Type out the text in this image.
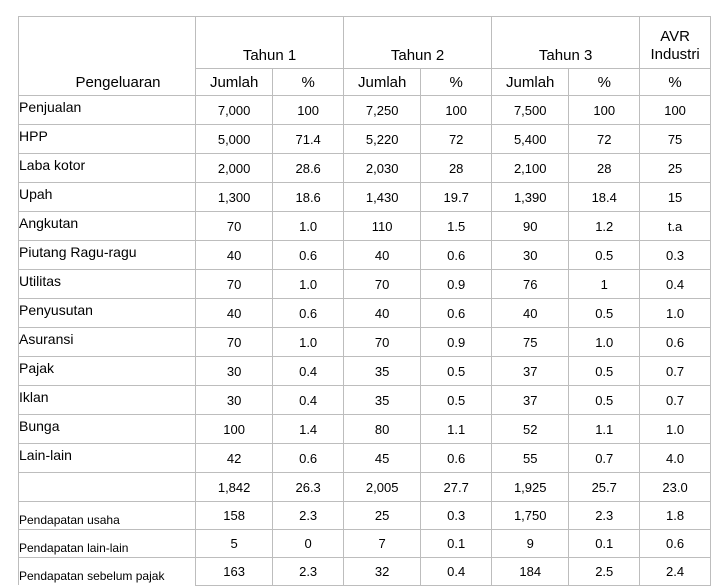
Pengeluaran	Tahun 1		Tahun 2		Tahun 3		AVR
Industri
	Jumlah	%	Jumlah	%	Jumlah	%	%
Penjualan	7,000	100	7,250	100	7,500	100	100
HPP	5,000	71.4	5,220	72	5,400	72	75
Laba kotor	2,000	28.6	2,030	28	2,100	28	25
Upah	1,300	18.6	1,430	19.7	1,390	18.4	15
Angkutan	70	1.0	110	1.5	90	1.2	t.a
Piutang Ragu-ragu	40	0.6	40	0.6	30	0.5	0.3
Utilitas	70	1.0	70	0.9	76	1	0.4
Penyusutan	40	0.6	40	0.6	40	0.5	1.0
Asuransi	70	1.0	70	0.9	75	1.0	0.6
Pajak	30	0.4	35	0.5	37	0.5	0.7
Iklan	30	0.4	35	0.5	37	0.5	0.7
Bunga	100	1.4	80	1.1	52	1.1	1.0
Lain-lain	42	0.6	45	0.6	55	0.7	4.0
	1,842	26.3	2,005	27.7	1,925	25.7	23.0
Pendapatan usaha	158	2.3	25	0.3	1,750	2.3	1.8
Pendapatan lain-lain	5	0	7	0.1	9	0.1	0.6
Pendapatan sebelum pajak	163	2.3	32	0.4	184	2.5	2.4
